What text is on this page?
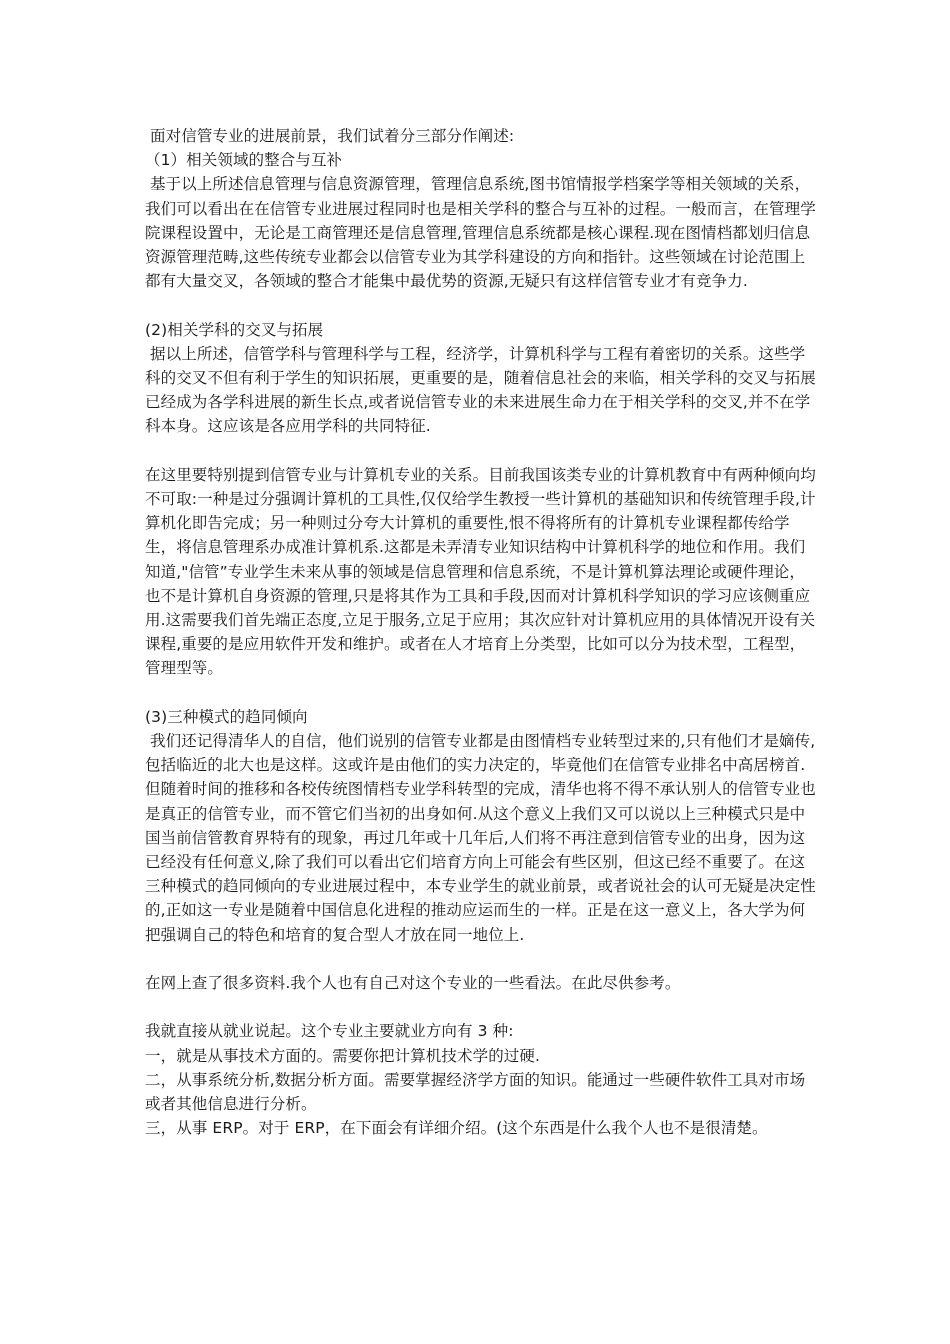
面对信管专业的进展前景，我们试着分三部分作阐述:

（1）相关领域的整合与互补

基于以上所述信息管理与信息资源管理，管理信息系统,图书馆情报学档案学等相关领域的关系，我们可以看出在在信管专业进展过程同时也是相关学科的整合与互补的过程。一般而言，在管理学院课程设置中，无论是工商管理还是信息管理,管理信息系统都是核心课程.现在图情档都划归信息资源管理范畴,这些传统专业都会以信管专业为其学科建设的方向和指针。这些领域在讨论范围上都有大量交叉，各领域的整合才能集中最优势的资源,无疑只有这样信管专业才有竞争力.

(2)相关学科的交叉与拓展

据以上所述，信管学科与管理科学与工程，经济学，计算机科学与工程有着密切的关系。这些学科的交叉不但有利于学生的知识拓展，更重要的是，随着信息社会的来临，相关学科的交叉与拓展已经成为各学科进展的新生长点,或者说信管专业的未来进展生命力在于相关学科的交叉,并不在学科本身。这应该是各应用学科的共同特征.

在这里要特别提到信管专业与计算机专业的关系。目前我国该类专业的计算机教育中有两种倾向均不可取:一种是过分强调计算机的工具性,仅仅给学生教授一些计算机的基础知识和传统管理手段,计算机化即告完成；另一种则过分夸大计算机的重要性,恨不得将所有的计算机专业课程都传给学生，将信息管理系办成准计算机系.这都是未弄清专业知识结构中计算机科学的地位和作用。我们知道,"信管”专业学生未来从事的领域是信息管理和信息系统，不是计算机算法理论或硬件理论，也不是计算机自身资源的管理,只是将其作为工具和手段,因而对计算机科学知识的学习应该侧重应用.这需要我们首先端正态度,立足于服务,立足于应用；其次应针对计算机应用的具体情况开设有关课程,重要的是应用软件开发和维护。或者在人才培育上分类型，比如可以分为技术型，工程型，管理型等。

(3)三种模式的趋同倾向

我们还记得清华人的自信，他们说别的信管专业都是由图情档专业转型过来的,只有他们才是嫡传,包括临近的北大也是这样。这或许是由他们的实力决定的，毕竟他们在信管专业排名中高居榜首.但随着时间的推移和各校传统图情档专业学科转型的完成，清华也将不得不承认别人的信管专业也是真正的信管专业，而不管它们当初的出身如何.从这个意义上我们又可以说以上三种模式只是中国当前信管教育界特有的现象，再过几年或十几年后,人们将不再注意到信管专业的出身，因为这已经没有任何意义,除了我们可以看出它们培育方向上可能会有些区别，但这已经不重要了。在这三种模式的趋同倾向的专业进展过程中，本专业学生的就业前景，或者说社会的认可无疑是决定性的,正如这一专业是随着中国信息化进程的推动应运而生的一样。正是在这一意义上，各大学为何把强调自己的特色和培育的复合型人才放在同一地位上.

在网上查了很多资料.我个人也有自己对这个专业的一些看法。在此尽供参考。

我就直接从就业说起。这个专业主要就业方向有 3 种:

一，就是从事技术方面的。需要你把计算机技术学的过硬.

二，从事系统分析,数据分析方面。需要掌握经济学方面的知识。能通过一些硬件软件工具对市场或者其他信息进行分析。

三，从事 ERP。对于 ERP，在下面会有详细介绍。(这个东西是什么我个人也不是很清楚。
